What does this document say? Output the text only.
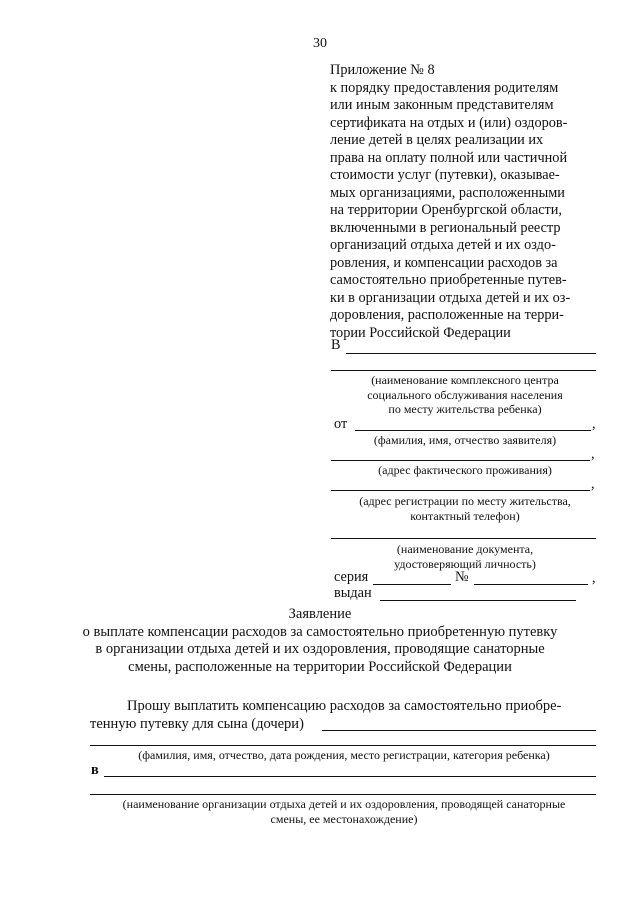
30
Приложение № 8
к порядку предоставления родителям
или иным законным представителям
сертификата на отдых и (или) оздоров-
ление детей в целях реализации их
права на оплату полной или частичной
стоимости услуг (путевки), оказывае-
мых организациями, расположенными
на территории Оренбургской области,
включенными в региональный реестр
организаций отдыха детей и их оздо-
ровления, и компенсации расходов за
самостоятельно приобретенные путев-
ки в организации отдыха детей и их оз-
доровления, расположенные на терри-
тории Российской Федерации
В
(наименование комплексного центра
социального обслуживания населения
по месту жительства ребенка)
от	,
(фамилия, имя, отчество заявителя)
,
(адрес фактического проживания)
,
(адрес регистрации по месту жительства,
контактный телефон)
(наименование документа,
удостоверяющий личность)
серия	№	,
выдан
Заявление
о выплате компенсации расходов за самостоятельно приобретенную путевку
в организации отдыха детей и их оздоровления, проводящие санаторные
смены, расположенные на территории Российской Федерации
Прошу выплатить компенсацию расходов за самостоятельно приобре-
тенную путевку для сына (дочери)
(фамилия, имя, отчество, дата рождения, место регистрации, категория ребенка)
в
(наименование организации отдыха детей и их оздоровления, проводящей санаторные
смены, ее местонахождение)
